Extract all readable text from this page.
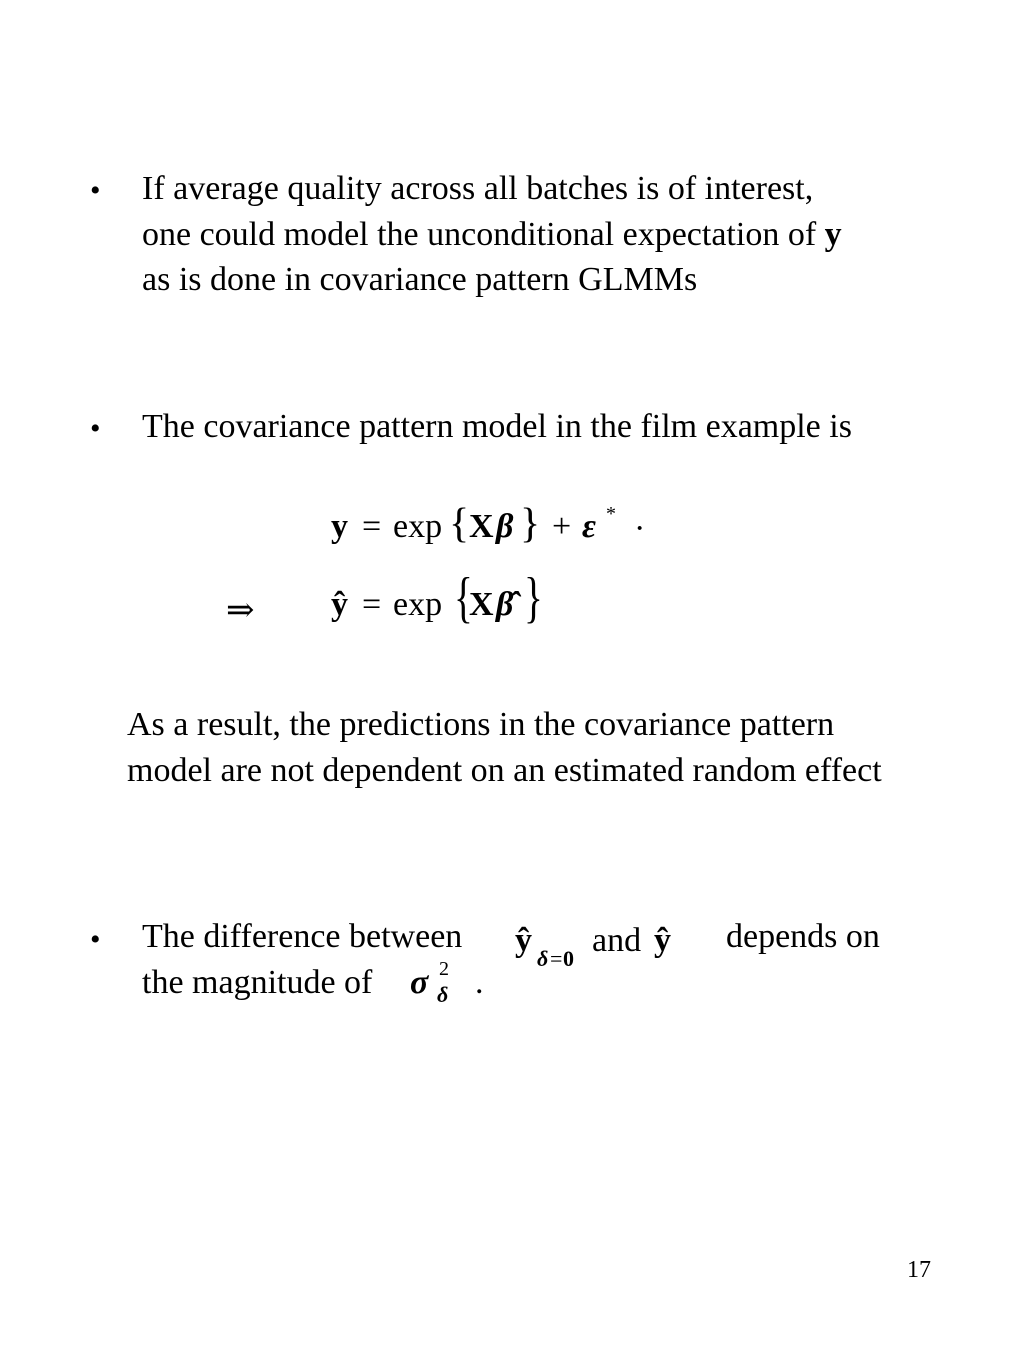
• If average quality across all batches is of interest,
one could model the unconditional expectation of y
as is done in covariance pattern GLMMs
• The covariance pattern model in the film example is
y = exp { X β } + ε * ·
⇒ ŷ = exp {
X β̂ }
As a result, the predictions in the covariance pattern
model are not dependent on an estimated random effect
• The difference between ŷ δ = 0 and ŷ depends on
the magnitude of σ 2
δ .
17
